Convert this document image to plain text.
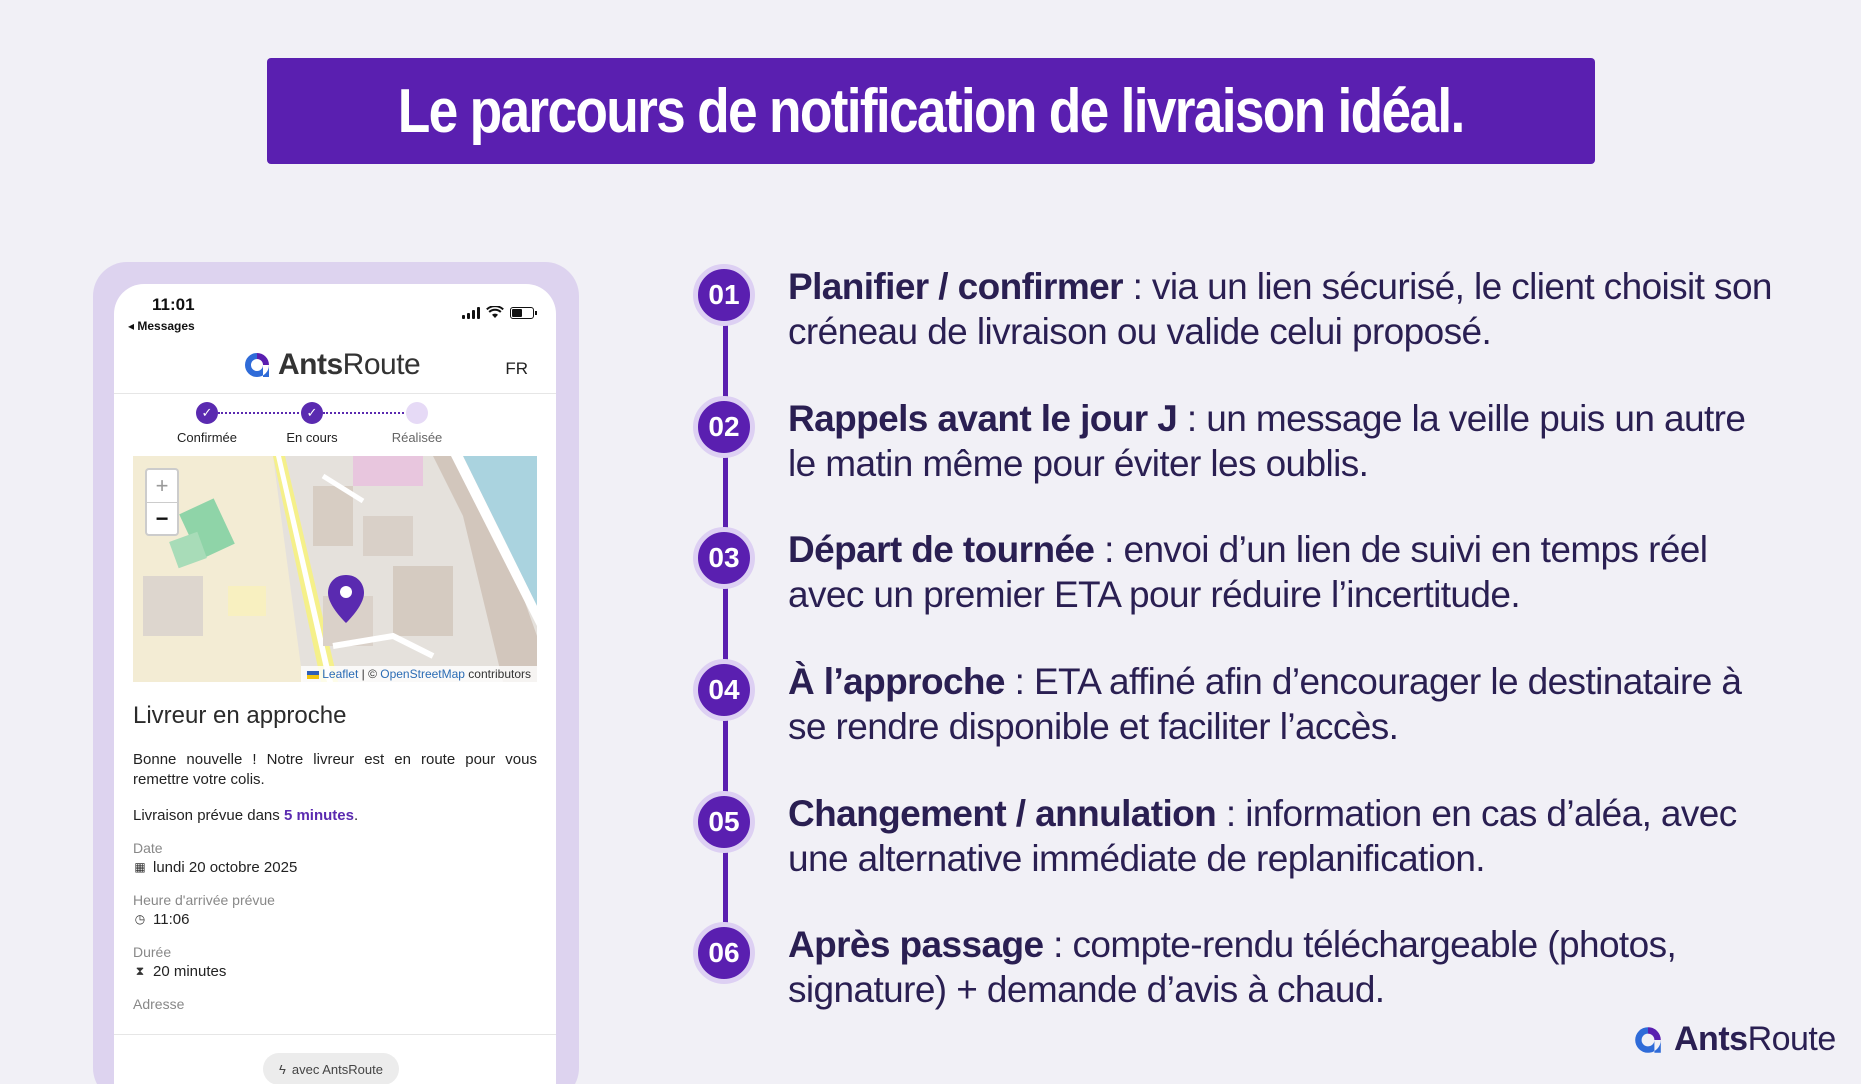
Le parcours de notification de livraison idéal.
11:01
◂ Messages
AntsRoute	FR
✓
Confirmée
✓
En cours	Réalisée
+
−
Leaflet | © OpenStreetMap contributors
Livreur en approche

Bonne nouvelle ! Notre livreur est en route pour vous remettre votre colis.

Livraison prévue dans 5 minutes.

Date
▦ lundi 20 octobre 2025
Heure d'arrivée prévue
◷ 11:06
Durée
⧗ 20 minutes
Adresse
ϟ avec AntsRoute
01	Planifier / confirmer : via un lien sécurisé, le client choisit son créneau de livraison ou valide celui proposé.
02	Rappels avant le jour J : un message la veille puis un autre le matin même pour éviter les oublis.
03	Départ de tournée : envoi d’un lien de suivi en temps réel avec un premier ETA pour réduire l’incertitude.
04	À l’approche : ETA affiné afin d’encourager le destinataire à se rendre disponible et faciliter l’accès.
05	Changement / annulation : information en cas d’aléa, avec une alternative immédiate de replanification.
06	Après passage : compte-rendu téléchargeable (photos, signature) + demande d’avis à chaud.
AntsRoute
